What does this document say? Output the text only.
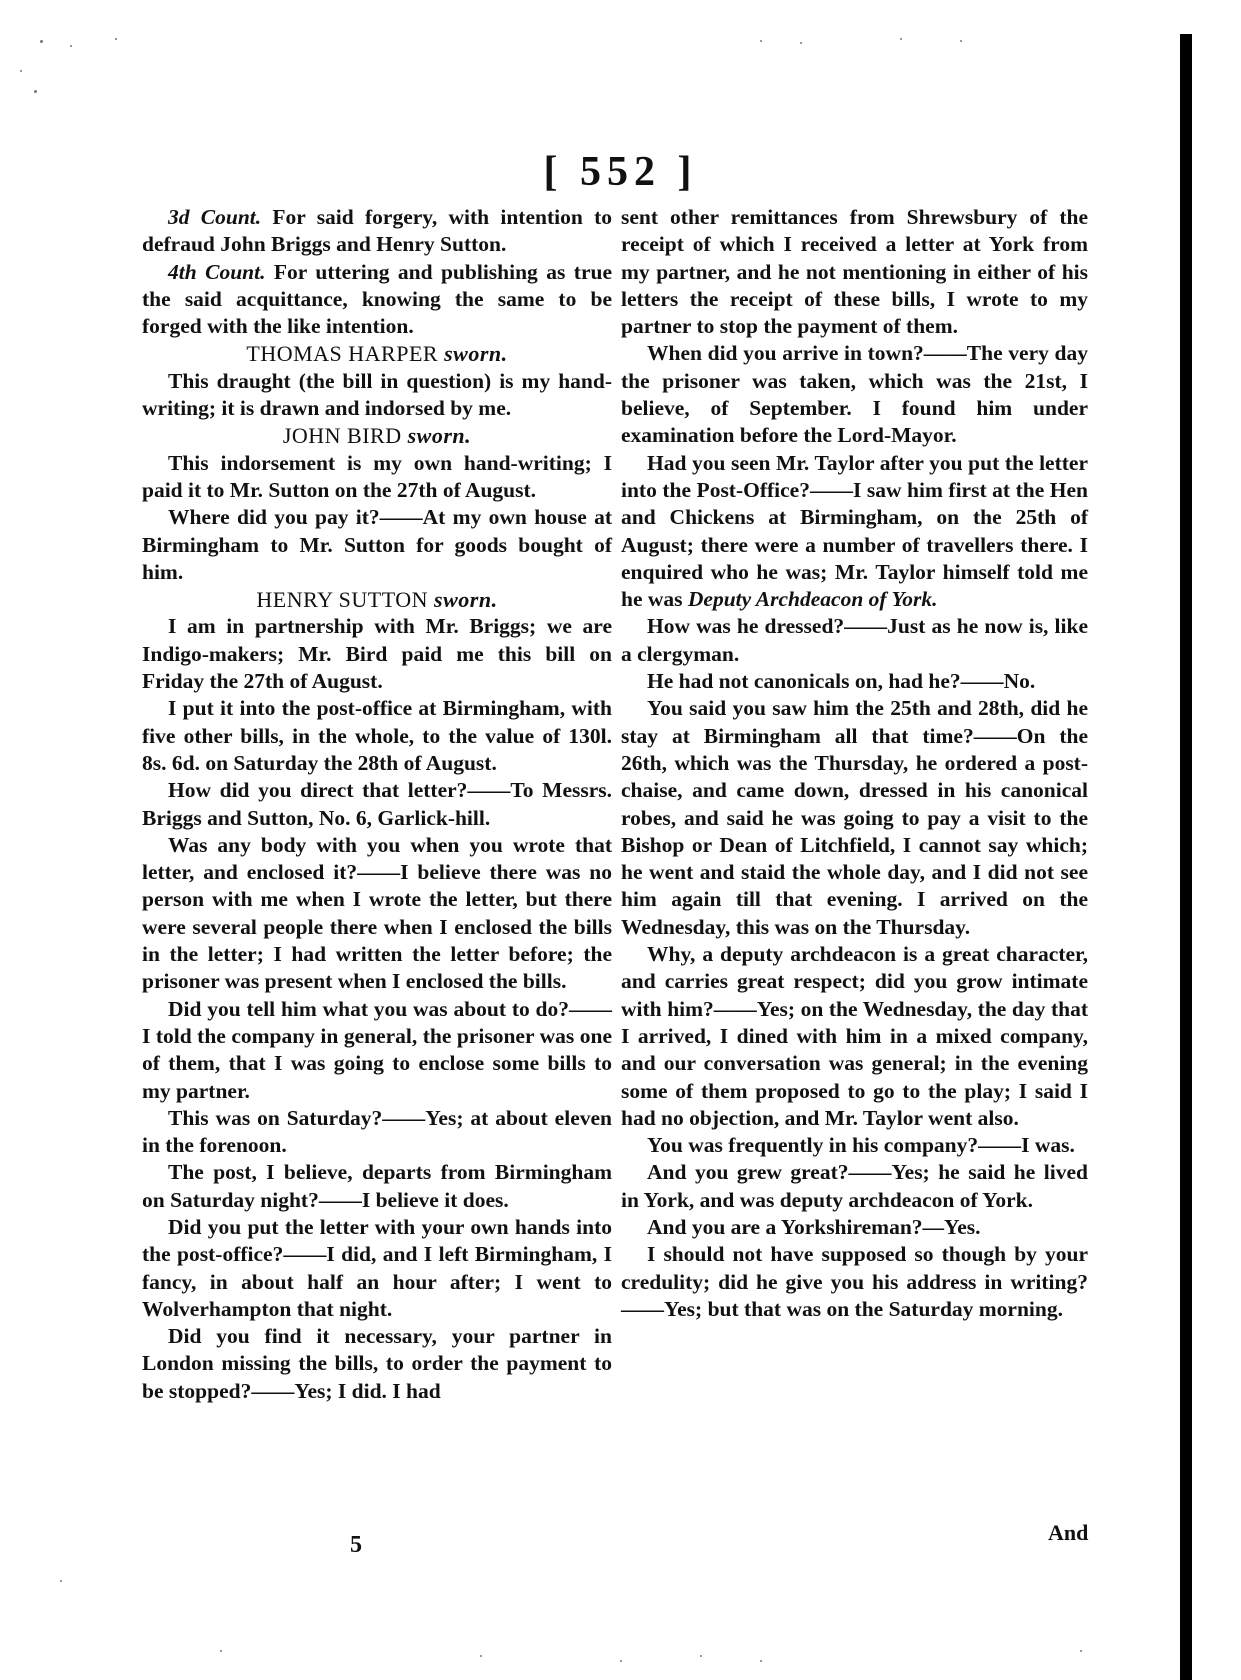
[ 552 ]

3d Count. For said forgery, with intention to defraud John Briggs and Henry Sutton.

4th Count. For uttering and publishing as true the said acquittance, knowing the same to be forged with the like intention.

THOMAS HARPER sworn.

This draught (the bill in question) is my hand-writing; it is drawn and indorsed by me.

JOHN BIRD sworn.

This indorsement is my own hand-writing; I paid it to Mr. Sutton on the 27th of August.

Where did you pay it?——At my own house at Birmingham to Mr. Sutton for goods bought of him.

HENRY SUTTON sworn.

I am in partnership with Mr. Briggs; we are Indigo-makers; Mr. Bird paid me this bill on Friday the 27th of August.

I put it into the post-office at Birmingham, with five other bills, in the whole, to the value of 130l. 8s. 6d. on Saturday the 28th of August.

How did you direct that letter?——To Messrs. Briggs and Sutton, No. 6, Garlick-hill.

Was any body with you when you wrote that letter, and enclosed it?——I believe there was no person with me when I wrote the letter, but there were several people there when I enclosed the bills in the letter; I had written the letter before; the prisoner was present when I enclosed the bills.

Did you tell him what you was about to do?——I told the company in general, the prisoner was one of them, that I was going to enclose some bills to my partner.

This was on Saturday?——Yes; at about eleven in the forenoon.

The post, I believe, departs from Birmingham on Saturday night?——I believe it does.

Did you put the letter with your own hands into the post-office?——I did, and I left Birmingham, I fancy, in about half an hour after; I went to Wolverhampton that night.

Did you find it necessary, your partner in London missing the bills, to order the payment to be stopped?——Yes; I did. I had

sent other remittances from Shrewsbury of the receipt of which I received a letter at York from my partner, and he not mentioning in either of his letters the receipt of these bills, I wrote to my partner to stop the payment of them.

When did you arrive in town?——The very day the prisoner was taken, which was the 21st, I believe, of September. I found him under examination before the Lord-Mayor.

Had you seen Mr. Taylor after you put the letter into the Post-Office?——I saw him first at the Hen and Chickens at Birmingham, on the 25th of August; there were a number of travellers there. I enquired who he was; Mr. Taylor himself told me he was Deputy Archdeacon of York.

How was he dressed?——Just as he now is, like a clergyman.

He had not canonicals on, had he?——No.

You said you saw him the 25th and 28th, did he stay at Birmingham all that time?——On the 26th, which was the Thursday, he ordered a post-chaise, and came down, dressed in his canonical robes, and said he was going to pay a visit to the Bishop or Dean of Litchfield, I cannot say which; he went and staid the whole day, and I did not see him again till that evening. I arrived on the Wednesday, this was on the Thursday.

Why, a deputy archdeacon is a great character, and carries great respect; did you grow intimate with him?——Yes; on the Wednesday, the day that I arrived, I dined with him in a mixed company, and our conversation was general; in the evening some of them proposed to go to the play; I said I had no objection, and Mr. Taylor went also.

You was frequently in his company?——I was.

And you grew great?——Yes; he said he lived in York, and was deputy archdeacon of York.

And you are a Yorkshireman?—Yes.

I should not have supposed so though by your credulity; did he give you his address in writing?——Yes; but that was on the Saturday morning.

5	And
